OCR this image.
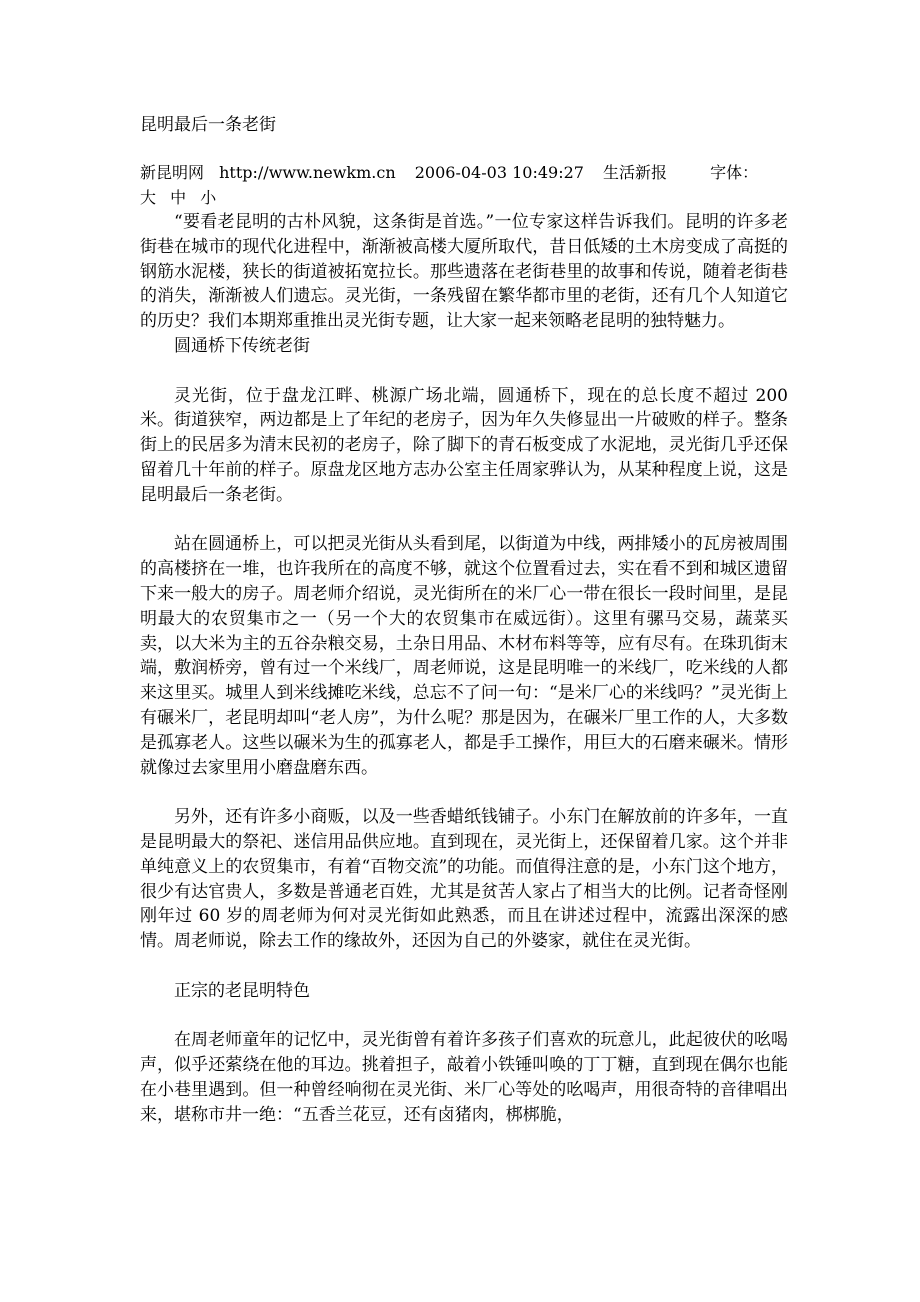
昆明最后一条老街
新昆明网 http://www.newkm.cn 2006-04-03 10:49:27 生活新报	字体：
大 中 小

“要看老昆明的古朴风貌，这条街是首选。”一位专家这样告诉我们。昆明的许多老街巷在城市的现代化进程中，渐渐被高楼大厦所取代，昔日低矮的土木房变成了高挺的钢筋水泥楼，狭长的街道被拓宽拉长。那些遗落在老街巷里的故事和传说，随着老街巷的消失，渐渐被人们遗忘。灵光街，一条残留在繁华都市里的老街，还有几个人知道它的历史？我们本期郑重推出灵光街专题，让大家一起来领略老昆明的独特魅力。

圆通桥下传统老街

灵光街，位于盘龙江畔、桃源广场北端，圆通桥下，现在的总长度不超过 200 米。街道狭窄，两边都是上了年纪的老房子，因为年久失修显出一片破败的样子。整条街上的民居多为清末民初的老房子，除了脚下的青石板变成了水泥地，灵光街几乎还保留着几十年前的样子。原盘龙区地方志办公室主任周家骅认为，从某种程度上说，这是昆明最后一条老街。

站在圆通桥上，可以把灵光街从头看到尾，以街道为中线，两排矮小的瓦房被周围的高楼挤在一堆，也许我所在的高度不够，就这个位置看过去，实在看不到和城区遗留下来一般大的房子。周老师介绍说，灵光街所在的米厂心一带在很长一段时间里，是昆明最大的农贸集市之一（另一个大的农贸集市在威远街）。这里有骡马交易，蔬菜买卖，以大米为主的五谷杂粮交易，土杂日用品、木材布料等等，应有尽有。在珠玑街末端，敷润桥旁，曾有过一个米线厂，周老师说，这是昆明唯一的米线厂，吃米线的人都来这里买。城里人到米线摊吃米线，总忘不了问一句：“是米厂心的米线吗？”灵光街上有碾米厂，老昆明却叫“老人房”，为什么呢？那是因为，在碾米厂里工作的人，大多数是孤寡老人。这些以碾米为生的孤寡老人，都是手工操作，用巨大的石磨来碾米。情形就像过去家里用小磨盘磨东西。

另外，还有许多小商贩，以及一些香蜡纸钱铺子。小东门在解放前的许多年，一直是昆明最大的祭祀、迷信用品供应地。直到现在，灵光街上，还保留着几家。这个并非单纯意义上的农贸集市，有着“百物交流”的功能。而值得注意的是，小东门这个地方，很少有达官贵人，多数是普通老百姓，尤其是贫苦人家占了相当大的比例。记者奇怪刚刚年过 60 岁的周老师为何对灵光街如此熟悉，而且在讲述过程中，流露出深深的感情。周老师说，除去工作的缘故外，还因为自己的外婆家，就住在灵光街。

正宗的老昆明特色

在周老师童年的记忆中，灵光街曾有着许多孩子们喜欢的玩意儿，此起彼伏的吆喝声，似乎还萦绕在他的耳边。挑着担子，敲着小铁锤叫唤的丁丁糖，直到现在偶尔也能在小巷里遇到。但一种曾经响彻在灵光街、米厂心等处的吆喝声，用很奇特的音律唱出来，堪称市井一绝：“五香兰花豆，还有卤猪肉，梆梆脆，
